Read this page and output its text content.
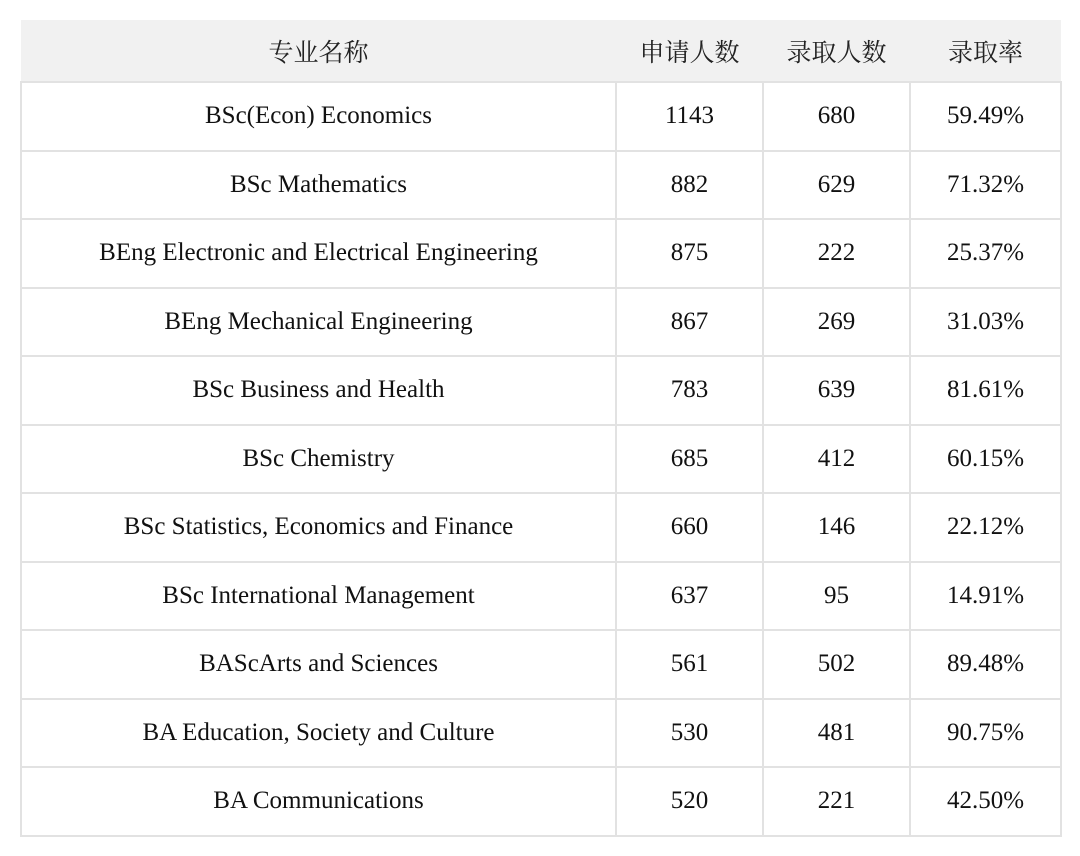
专业名称	申请人数	录取人数	录取率
BSc(Econ) Economics	1143	680	59.49%
BSc Mathematics	882	629	71.32%
BEng Electronic and Electrical Engineering	875	222	25.37%
BEng Mechanical Engineering	867	269	31.03%
BSc Business and Health	783	639	81.61%
BSc Chemistry	685	412	60.15%
BSc Statistics, Economics and Finance	660	146	22.12%
BSc International Management	637	95	14.91%
BAScArts and Sciences	561	502	89.48%
BA Education, Society and Culture	530	481	90.75%
BA Communications	520	221	42.50%
